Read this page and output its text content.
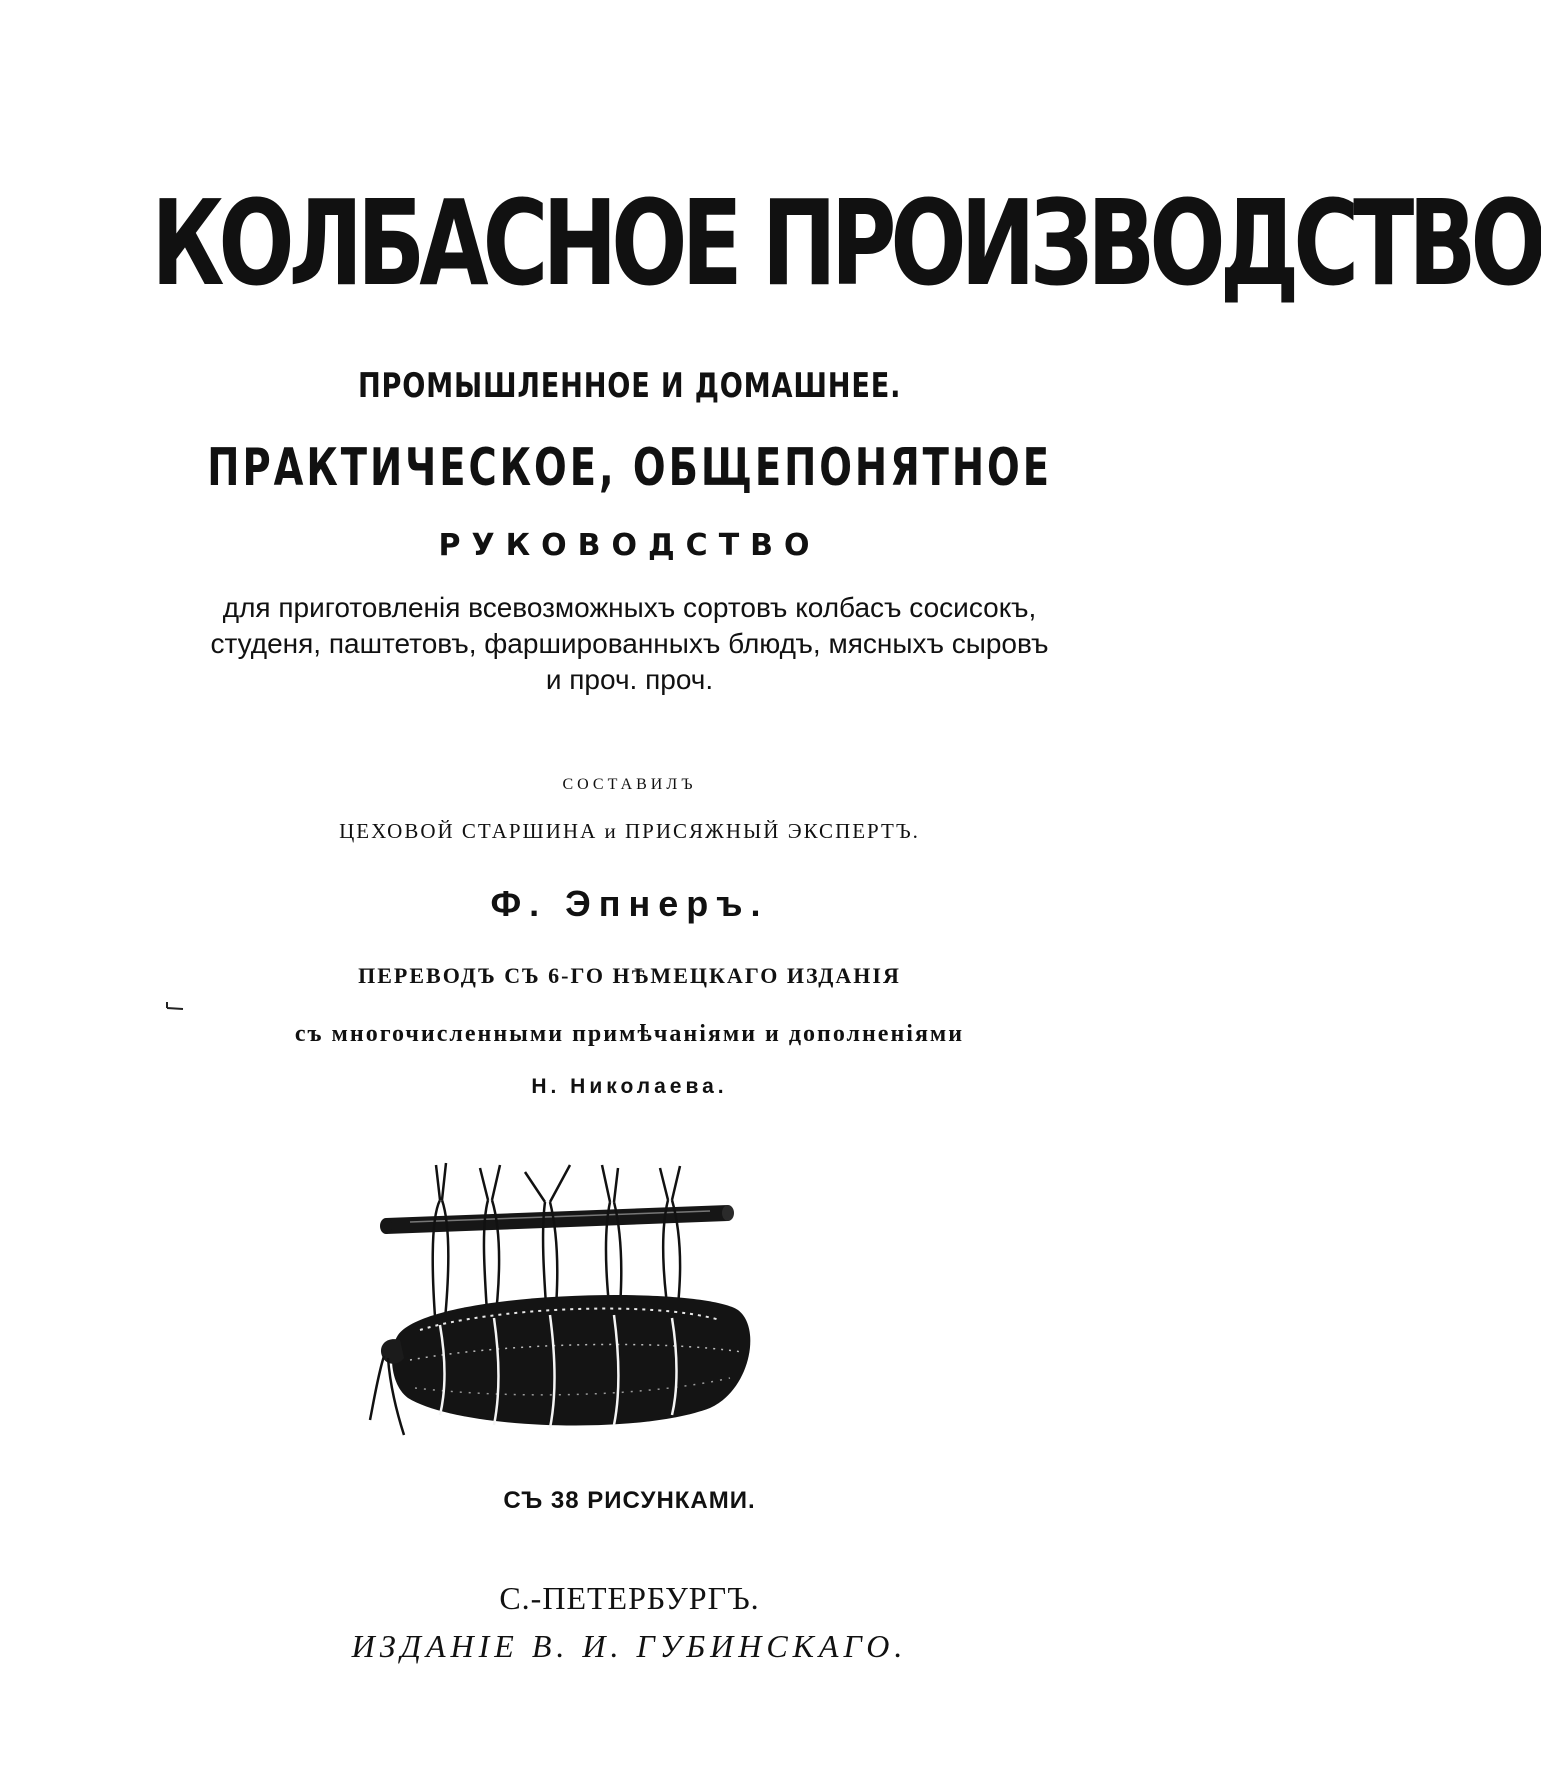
КОЛБАСНОЕ ПРОИЗВОДСТВО
ПРОМЫШЛЕННОЕ И ДОМАШНЕЕ.
ПРАКТИЧЕСКОЕ, ОБЩЕПОНЯТНОЕ
РУКОВОДСТВО
для приготовленія всевозможныхъ сортовъ колбасъ сосисокъ,
студеня, паштетовъ, фаршированныхъ блюдъ, мясныхъ сыровъ
и проч. проч.
СОСТАВИЛЪ
ЦЕХОВОЙ СТАРШИНА и ПРИСЯЖНЫЙ ЭКСПЕРТЪ.
Ф. Эпнеръ.
ПЕРЕВОДЪ СЪ 6-ГО НѢМЕЦКАГО ИЗДАНІЯ
съ многочисленными примѣчаніями и дополненіями
Н. Николаева.
СЪ 38 РИСУНКАМИ.
С.-ПЕТЕРБУРГЪ.
ИЗДАНІЕ В. И. ГУБИНСКАГО.
